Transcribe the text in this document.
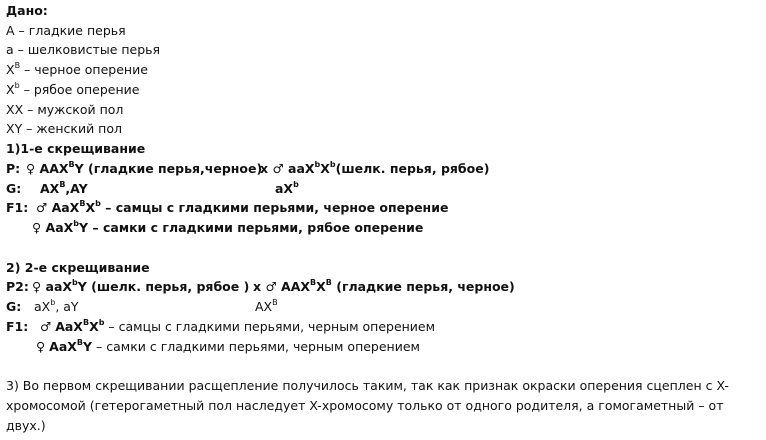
Дано:
A – гладкие перья
a – шелковистые перья
$X^B$ – черное оперение
$X^b$ – рябое оперение
XX – мужской пол
XY – женский пол
1)1-е скрещивание
P: ♀ $AAX^BY$ (гладкие перья,черное)
x ♂ $aaX^bX^b(шелк$. перья, рябое)
G: $AX^B,AY$	$aX^b$
F1: ♂ $AaX^BX^b$ – самцы с гладкими перьями, черное оперение
♀ AaX$^b$Y – самки с гладкими перьями, рябое оперение
2) 2-е скрещивание
P2: ♀ aaX$^b$Y (шелк. перья, рябое ) x ♂ $AAX^BX^B$ (гладкие перья, черное)
G: $aX^b$, aY	$AX^B$
F1: ♂ $AaX^BX^b$ – самцы с гладкими перьями, черным оперением
♀ AaX$^B$Y – самки с гладкими перьями, черным оперением
3) Во первом скрещивании расщепление получилось таким, так как признак окраски оперения сцеплен с X-хромосомой (гетерогаметный пол наследует X-хромосому только от одного родителя, а гомогаметный – от двух.)
